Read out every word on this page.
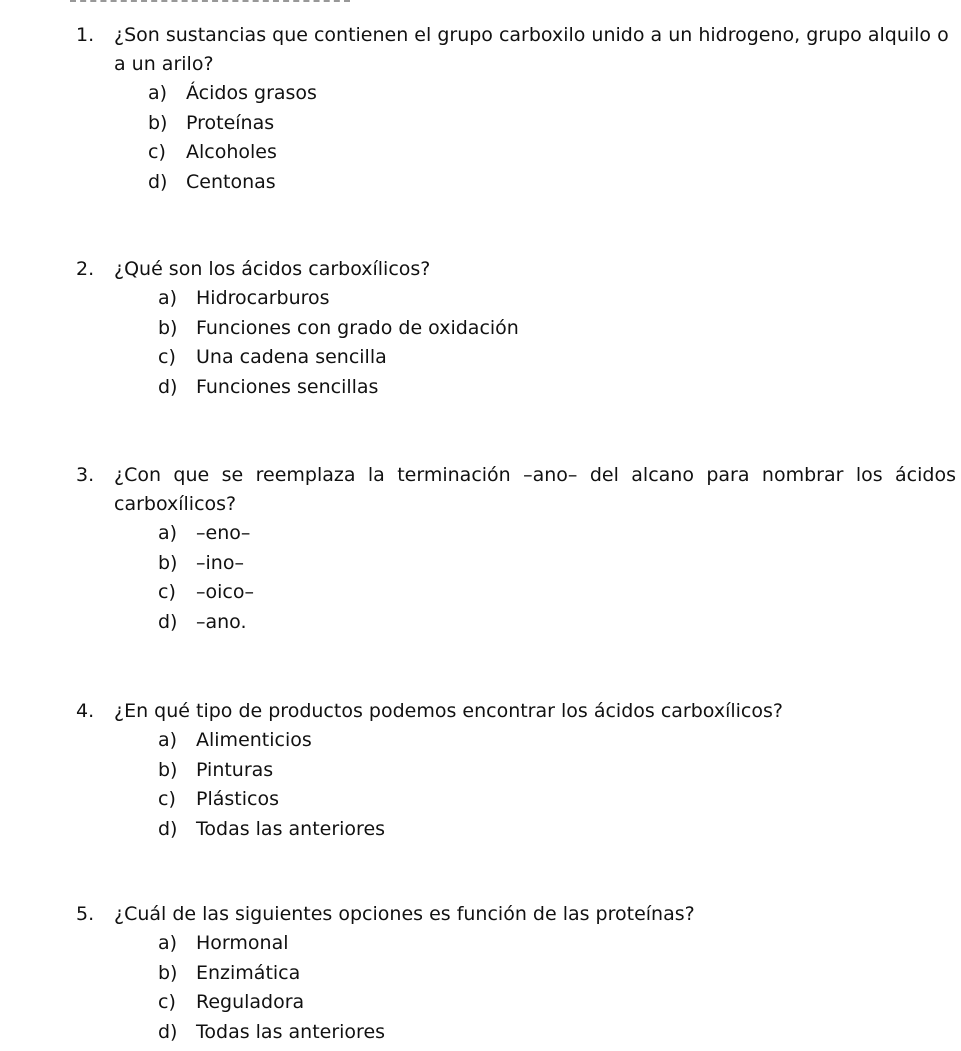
1.	¿Son sustancias que contienen el grupo carboxilo unido a un hidrogeno, grupo alquilo o a un arilo?
a) Ácidos grasos
b) Proteínas
c)	Alcoholes
d) Centonas
2.	¿Qué son los ácidos carboxílicos?
a) Hidrocarburos
b) Funciones con grado de oxidación
c)	Una cadena sencilla
d) Funciones sencillas
3.	¿Con que se reemplaza la terminación –ano– del alcano para nombrar los ácidos carboxílicos?
a) –eno–
b) –ino–
c)	–oico–
d) –ano.
4.	¿En qué tipo de productos podemos encontrar los ácidos carboxílicos?
a) Alimenticios
b) Pinturas
c)	Plásticos
d) Todas las anteriores
5.	¿Cuál de las siguientes opciones es función de las proteínas?
a) Hormonal
b) Enzimática
c)	Reguladora
d) Todas las anteriores
